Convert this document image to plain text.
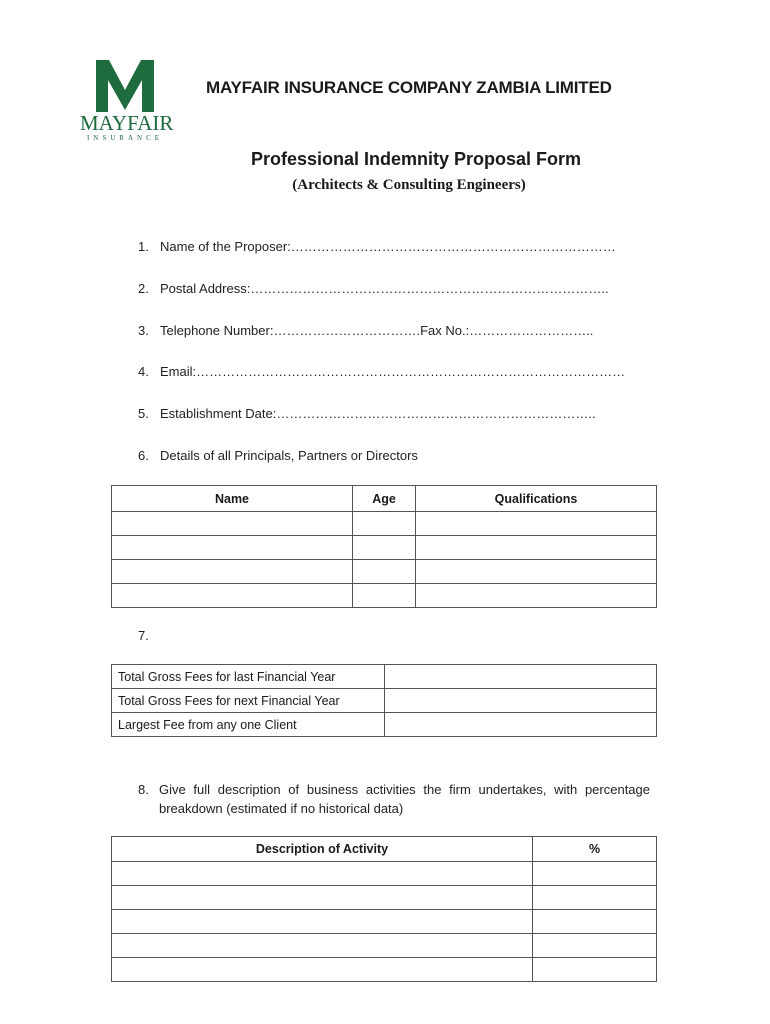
MAYFAIR
INSURANCE
MAYFAIR INSURANCE COMPANY ZAMBIA LIMITED
Professional Indemnity Proposal Form
(Architects & Consulting Engineers)
1. Name of the Proposer:…………………………………………………………………
2. Postal Address:………………………………………………………………………..
3. Telephone Number:…………………………….Fax No.:………………………..
4. Email:………………………………………………………………………………………
5. Establishment Date:………………………………………………………………..
6. Details of all Principals, Partners or Directors
Name	Age	Qualifications

7.
Total Gross Fees for last Financial Year	
Total Gross Fees for next Financial Year	
Largest Fee from any one Client	
8. Give full description of business activities the firm undertakes, with percentage breakdown (estimated if no historical data)
Description of Activity	%
